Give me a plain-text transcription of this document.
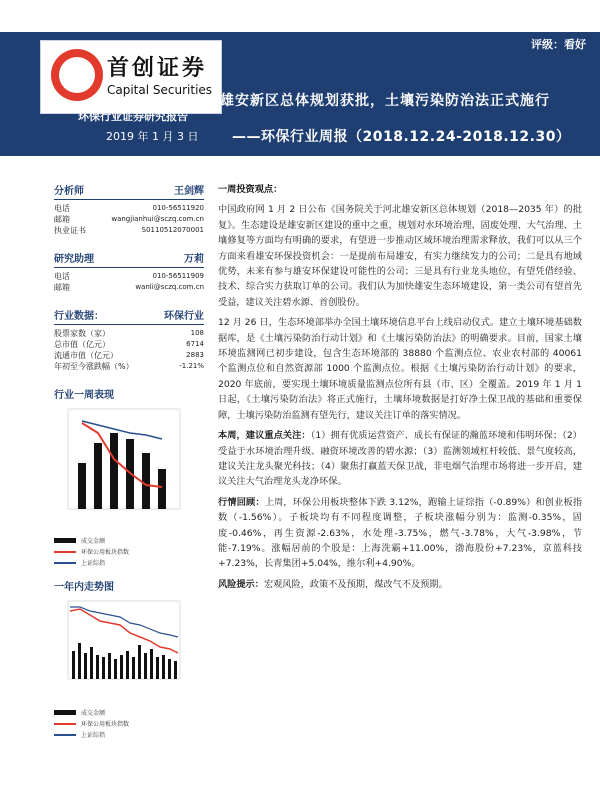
首创证券
Capital Securities
评级：看好
雄安新区总体规划获批，土壤污染防治法正式施行
——环保行业周报（2018.12.24-2018.12.30）
环保行业证券研究报告
2019 年 1 月 3 日
分析师	王剑辉
电话	010-56511920
邮箱	wangjianhui@sczq.com.cn
执业证书	S0110512070001
研究助理	万莉
电话	010-56511909
邮箱	wanli@sczq.com.cn
行业数据：	环保行业
股票家数（家）	108
总市值（亿元）	6714
流通市值（亿元）	2883
年初至今涨跌幅（%）	-1.21%
行业一周表现
成交金额
环保公用板块指数
上证综指
一年内走势图
成交金额
环保公用板块指数
上证综指

一周投资观点：

中国政府网 1 月 2 日公布《国务院关于河北雄安新区总体规划（2018—2035 年）的批复》。生态建设是雄安新区建设的重中之重，规划对水环境治理、固废处理、大气治理、土壤修复等方面均有明确的要求，有望进一步推动区域环境治理需求释放，我们可以从三个方面来看雄安环保投资机会：一是提前布局雄安，有实力继续发力的公司；二是具有地域优势，未来有参与雄安环保建设可能性的公司；三是具有行业龙头地位，有望凭借经验、技术、综合实力获取订单的公司。我们认为加快雄安生态环境建设，第一类公司有望首先受益，建议关注碧水源、首创股份。

12 月 26 日，生态环境部举办全国土壤环境信息平台上线启动仪式。建立土壤环境基础数据库，是《土壤污染防治行动计划》和《土壤污染防治法》的明确要求。目前，国家土壤环境监测网已初步建设，包含生态环境部的 38880 个监测点位、农业农村部的 40061 个监测点位和自然资源部 1000 个监测点位。根据《土壤污染防治行动计划》的要求，2020 年底前，要实现土壤环境质量监测点位所有县（市、区）全覆盖。2019 年 1 月 1 日起，《土壤污染防治法》将正式施行，土壤环境数据是打好净土保卫战的基础和重要保障，土壤污染防治监测有望先行，建议关注订单的落实情况。

本周，建议重点关注：（1）拥有优质运营资产、成长有保证的瀚蓝环境和伟明环保；（2）受益于水环境治理升级、融资环境改善的碧水源；（3）监测领域杠杆较低、景气度较高，建议关注龙头聚光科技；（4）聚焦打赢蓝天保卫战，非电烟气治理市场将进一步开启，建议关注大气治理龙头龙净环保。

行情回顾：上周，环保公用板块整体下跌 3.12%，跑输上证综指（-0.89%）和创业板指数（-1.56%）。子板块均有不同程度调整，子板块涨幅分别为：监测-0.35%，固废-0.46%，再生资源-2.63%，水处理-3.75%，燃气-3.78%，大气-3.98%，节能-7.19%。涨幅居前的个股是：上海洗霸+11.00%，渤海股份+7.23%，京蓝科技+7.23%，长青集团+5.04%，维尔利+4.90%。

风险提示：宏观风险，政策不及预期，煤改气不及预期。
